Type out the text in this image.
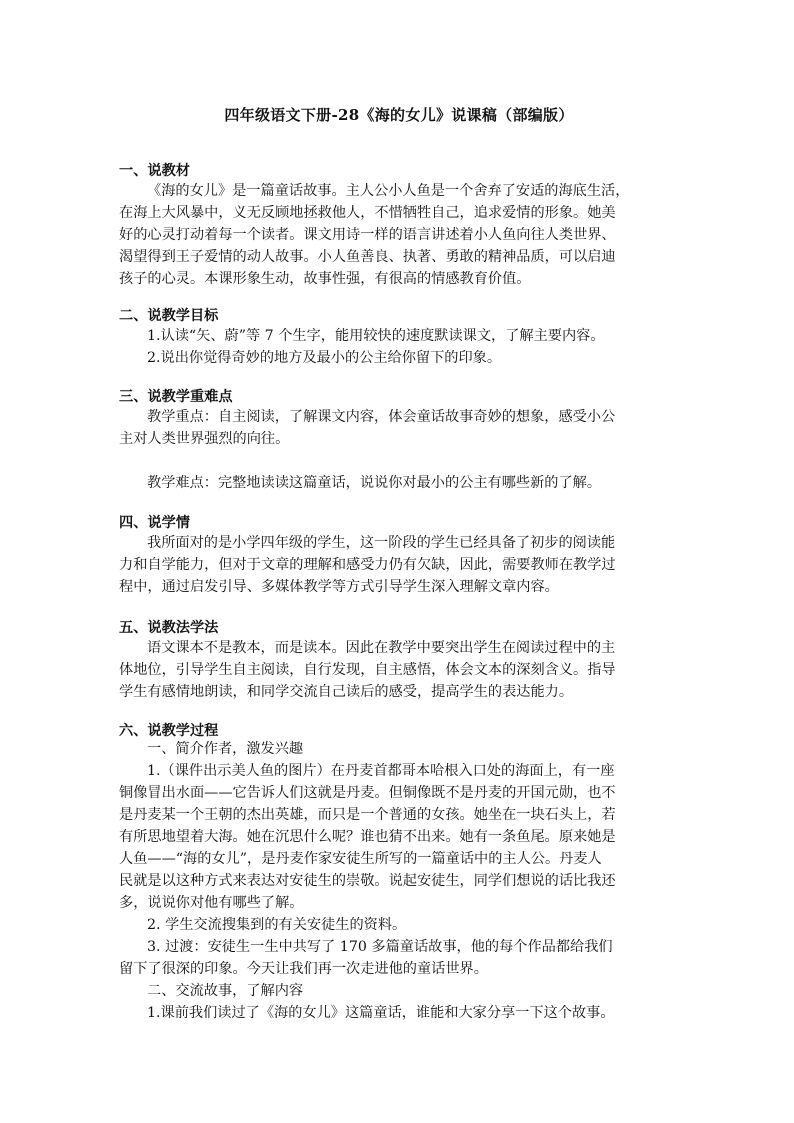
四年级语文下册-28《海的女儿》说课稿（部编版）
一、说教材
《海的女儿》是一篇童话故事。主人公小人鱼是一个舍弃了安适的海底生活，
在海上大风暴中，义无反顾地拯救他人，不惜牺牲自己，追求爱情的形象。她美
好的心灵打动着每一个读者。课文用诗一样的语言讲述着小人鱼向往人类世界、
渴望得到王子爱情的动人故事。小人鱼善良、执著、勇敢的精神品质，可以启迪
孩子的心灵。本课形象生动，故事性强，有很高的情感教育价值。
二、说教学目标
1.认读“矢、蔚”等 7 个生字，能用较快的速度默读课文，了解主要内容。
2.说出你觉得奇妙的地方及最小的公主给你留下的印象。
三、说教学重难点
教学重点：自主阅读，了解课文内容，体会童话故事奇妙的想象，感受小公
主对人类世界强烈的向往。
教学难点：完整地读读这篇童话，说说你对最小的公主有哪些新的了解。
四、说学情
我所面对的是小学四年级的学生，这一阶段的学生已经具备了初步的阅读能
力和自学能力，但对于文章的理解和感受力仍有欠缺，因此，需要教师在教学过
程中，通过启发引导、多媒体教学等方式引导学生深入理解文章内容。
五、说教法学法
语文课本不是教本，而是读本。因此在教学中要突出学生在阅读过程中的主
体地位，引导学生自主阅读，自行发现，自主感悟，体会文本的深刻含义。指导
学生有感情地朗读，和同学交流自己读后的感受，提高学生的表达能力。
六、说教学过程
一、简介作者，激发兴趣
1.（课件出示美人鱼的图片）在丹麦首都哥本哈根入口处的海面上，有一座
铜像冒出水面——它告诉人们这就是丹麦。但铜像既不是丹麦的开国元勋，也不
是丹麦某一个王朝的杰出英雄，而只是一个普通的女孩。她坐在一块石头上，若
有所思地望着大海。她在沉思什么呢？谁也猜不出来。她有一条鱼尾。原来她是
人鱼——“海的女儿”，是丹麦作家安徒生所写的一篇童话中的主人公。丹麦人
民就是以这种方式来表达对安徒生的崇敬。说起安徒生，同学们想说的话比我还
多，说说你对他有哪些了解。
2. 学生交流搜集到的有关安徒生的资料。
3. 过渡：安徒生一生中共写了 170 多篇童话故事，他的每个作品都给我们
留下了很深的印象。今天让我们再一次走进他的童话世界。
二、交流故事，了解内容
1.课前我们读过了《海的女儿》这篇童话，谁能和大家分享一下这个故事。
